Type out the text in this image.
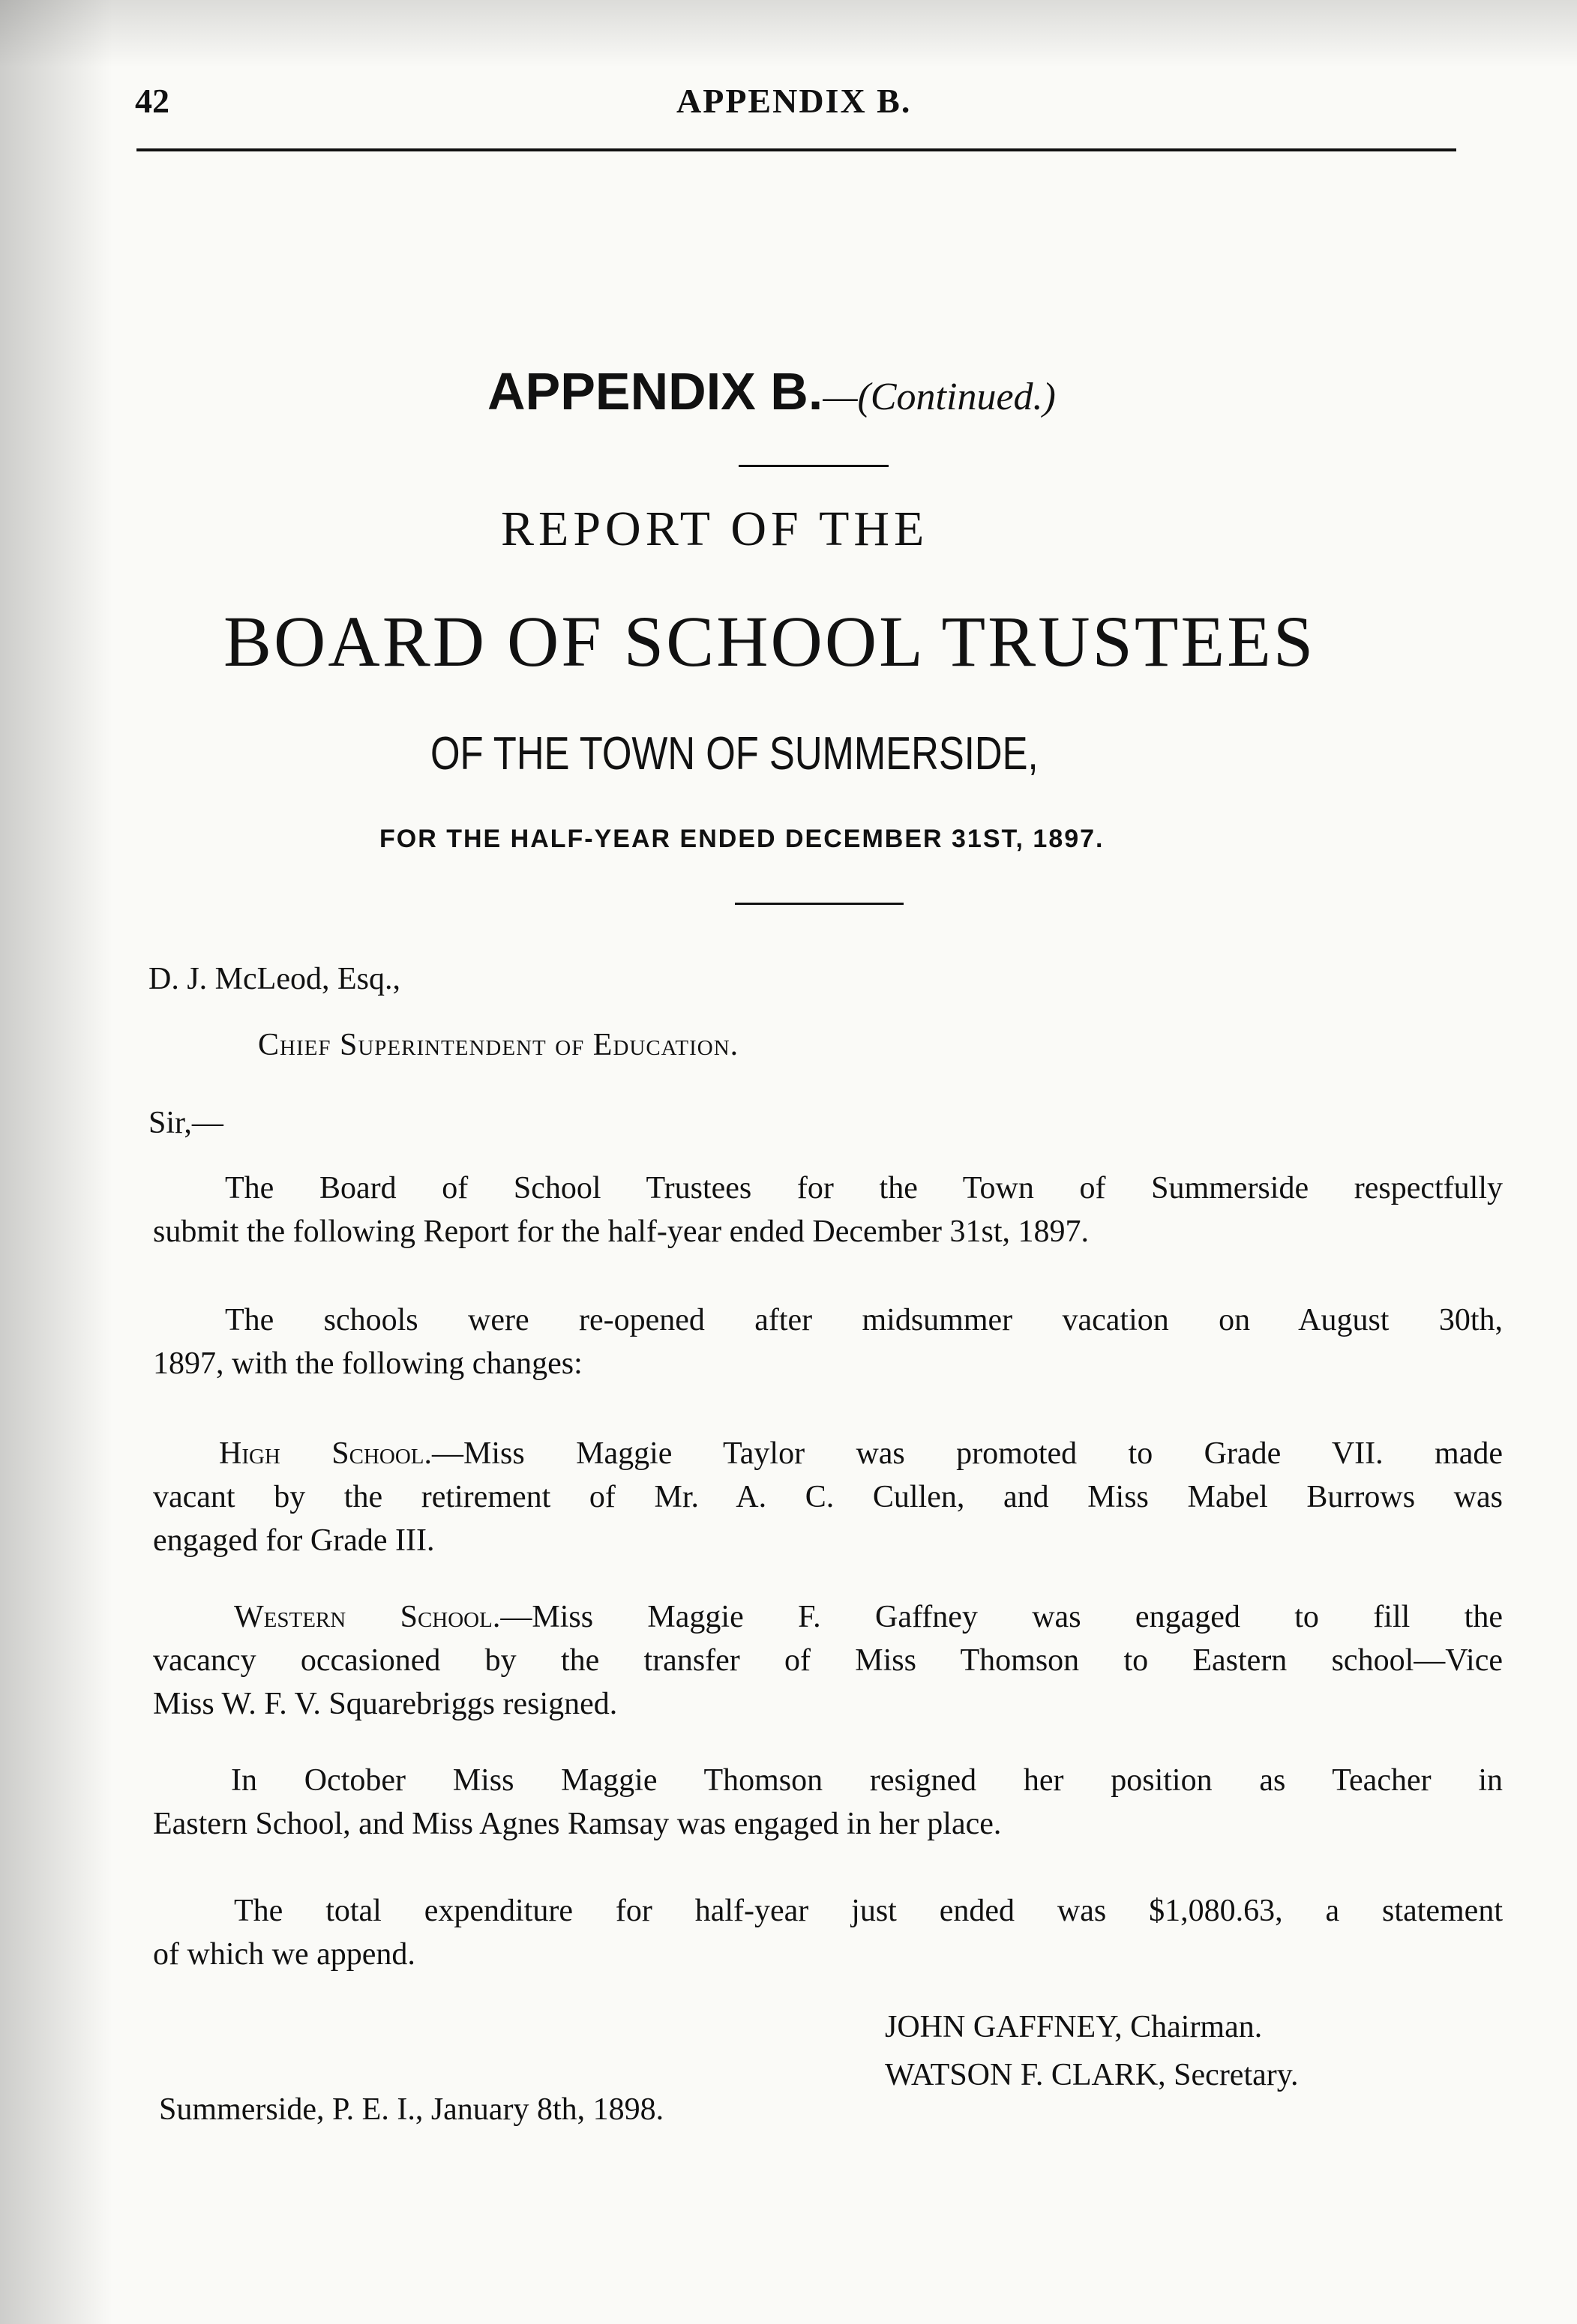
42	APPENDIX B.
APPENDIX B.—(Continued.)
REPORT OF THE
BOARD OF SCHOOL TRUSTEES
OF THE TOWN OF SUMMERSIDE,
FOR THE HALF-YEAR ENDED DECEMBER 31ST, 1897.
D. J. McLeod, Esq.,
Chief Superintendent of Education.
Sir,—
The Board of School Trustees for the Town of Summerside respectfully
submit the following Report for the half-year ended December 31st, 1897.
The schools were re-opened after midsummer vacation on August 30th,
1897, with the following changes:
High School.—Miss Maggie Taylor was promoted to Grade VII. made
vacant by the retirement of Mr. A. C. Cullen, and Miss Mabel Burrows was
engaged for Grade III.
Western School.—Miss Maggie F. Gaffney was engaged to fill the
vacancy occasioned by the transfer of Miss Thomson to Eastern school—Vice
Miss W. F. V. Squarebriggs resigned.
In October Miss Maggie Thomson resigned her position as Teacher in
Eastern School, and Miss Agnes Ramsay was engaged in her place.
The total expenditure for half-year just ended was $1,080.63, a statement
of which we append.
JOHN GAFFNEY, Chairman.
WATSON F. CLARK, Secretary.
Summerside, P. E. I., January 8th, 1898.
